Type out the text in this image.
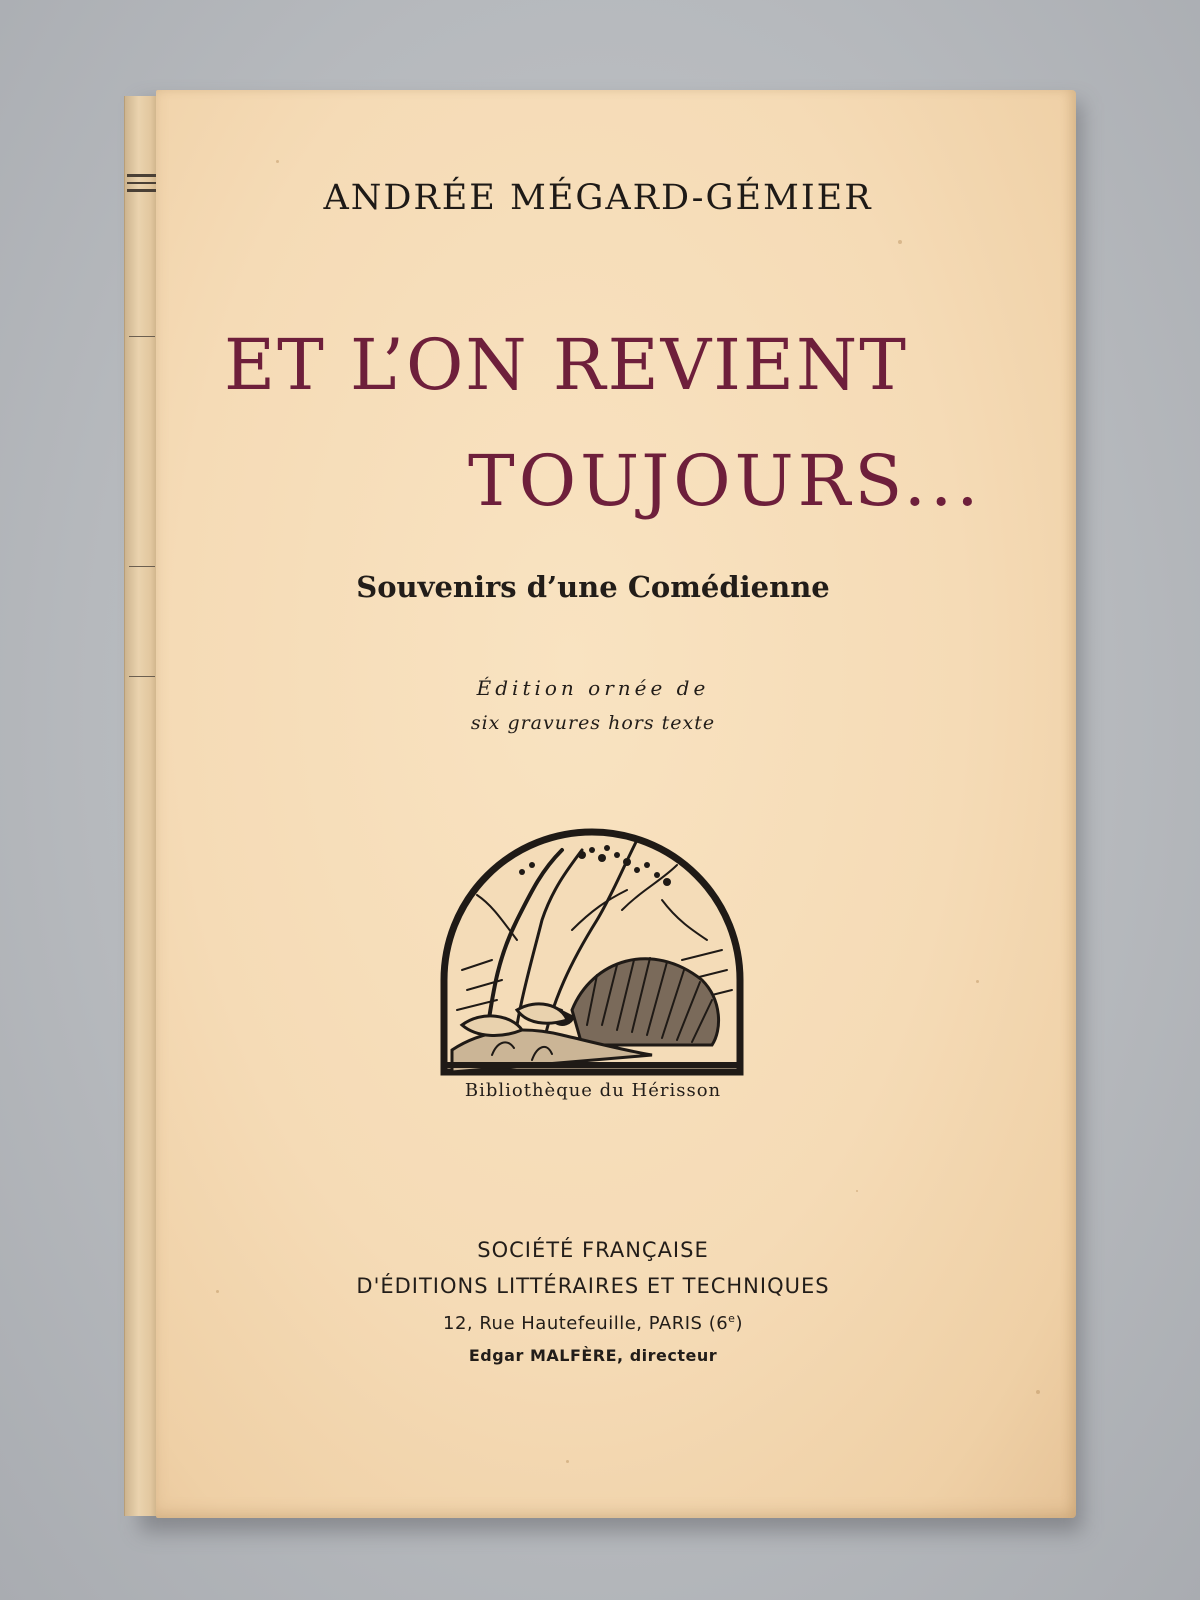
ANDRÉE MÉGARD-GÉMIER
ET L’ON REVIENT
TOUJOURS...
Souvenirs d’une Comédienne
Édition ornée de
six gravures hors texte
Bibliothèque du Hérisson
SOCIÉTÉ FRANÇAISE
D'ÉDITIONS LITTÉRAIRES ET TECHNIQUES
12, Rue Hautefeuille, PARIS (6e)
Edgar MALFÈRE, directeur
